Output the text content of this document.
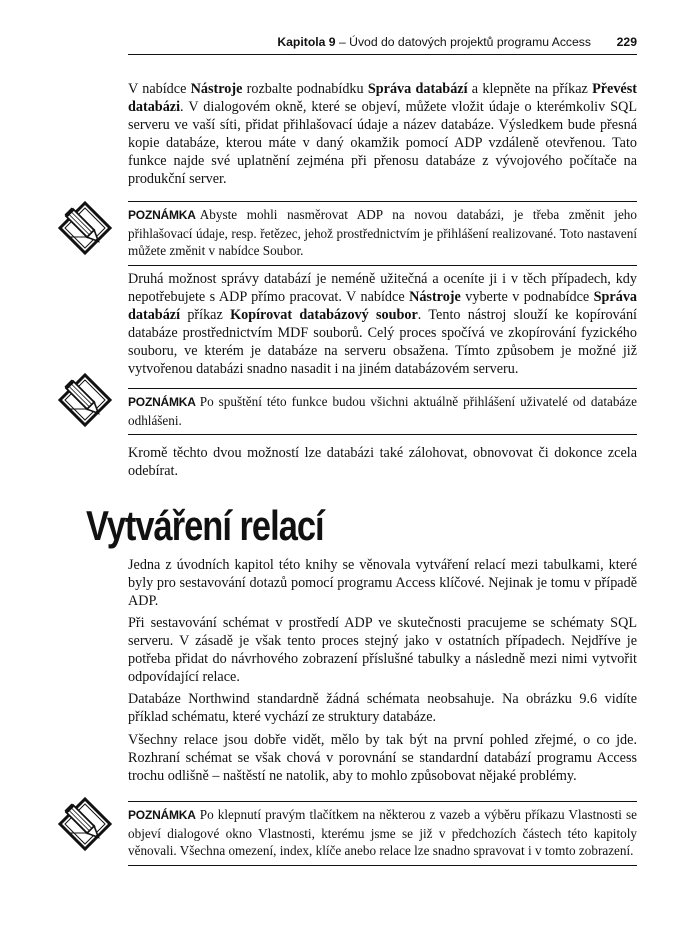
Kapitola 9 – Úvod do datových projektů programu Access 229

V nabídce Nástroje rozbalte podnabídku Správa databází a klepněte na příkaz Převést databázi. V dialogovém okně, které se objeví, můžete vložit údaje o kterémkoliv SQL serveru ve vaší síti, přidat přihlašovací údaje a název databáze. Výsledkem bude přesná kopie databáze, kterou máte v daný okamžik pomocí ADP vzdáleně otevřenou. Tato funkce najde své uplatnění zejména při přenosu databáze z vývojového počítače na produkční server.

POZNÁMKA Abyste mohli nasměrovat ADP na novou databázi, je třeba změnit jeho přihlašovací údaje, resp. řetězec, jehož prostřednictvím je přihlášení realizované. Toto nastavení můžete změnit v nabídce Soubor.

Druhá možnost správy databází je neméně užitečná a oceníte ji i v těch případech, kdy nepotřebujete s ADP přímo pracovat. V nabídce Nástroje vyberte v podnabídce Správa databází příkaz Kopírovat databázový soubor. Tento nástroj slouží ke kopírování databáze prostřednictvím MDF souborů. Celý proces spočívá ve zkopírování fyzického souboru, ve kterém je databáze na serveru obsažena. Tímto způsobem je možné již vytvořenou databázi snadno nasadit i na jiném databázovém serveru.

POZNÁMKA Po spuštění této funkce budou všichni aktuálně přihlášení uživatelé od databáze odhlášeni.

Kromě těchto dvou možností lze databázi také zálohovat, obnovovat či dokonce zcela odebírat.

Vytváření relací

Jedna z úvodních kapitol této knihy se věnovala vytváření relací mezi tabulkami, které byly pro sestavování dotazů pomocí programu Access klíčové. Nejinak je tomu v případě ADP.

Při sestavování schémat v prostředí ADP ve skutečnosti pracujeme se schématy SQL serveru. V zásadě je však tento proces stejný jako v ostatních případech. Nejdříve je potřeba přidat do návrhového zobrazení příslušné tabulky a následně mezi nimi vytvořit odpovídající relace.

Databáze Northwind standardně žádná schémata neobsahuje. Na obrázku 9.6 vidíte příklad schématu, které vychází ze struktury databáze.

Všechny relace jsou dobře vidět, mělo by tak být na první pohled zřejmé, o co jde. Rozhraní schémat se však chová v porovnání se standardní databází programu Access trochu odlišně – naštěstí ne natolik, aby to mohlo způsobovat nějaké problémy.

POZNÁMKA Po klepnutí pravým tlačítkem na některou z vazeb a výběru příkazu Vlastnosti se objeví dialogové okno Vlastnosti, kterému jsme se již v předchozích částech této kapitoly věnovali. Všechna omezení, index, klíče anebo relace lze snadno spravovat i v tomto zobrazení.
